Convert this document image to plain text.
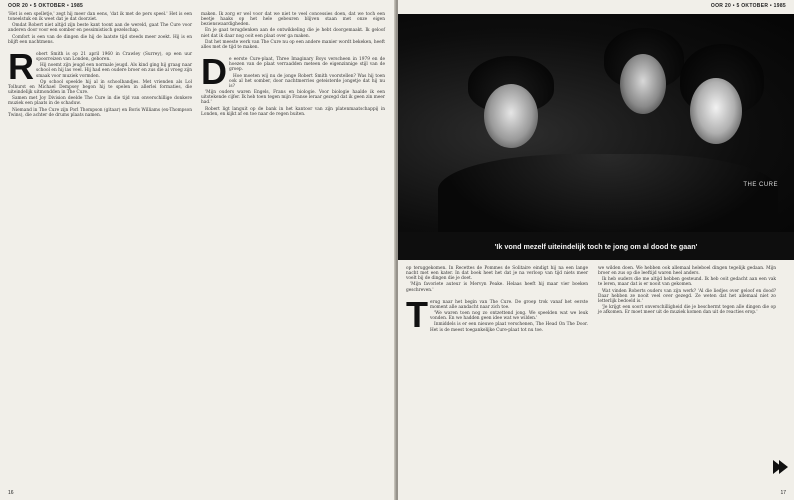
OOR 20 • 5 OKTOBER • 1985

'Het is een spelletje,' zegt hij meer dan eens, 'dat ik met de pers speel.' Het is een toneelstuk en ik weet dat je dat doorziet.

Omdat Robert niet altijd zijn beste kant toont aan de wereld, gaat The Cure voor anderen door voor een somber en pessimistisch gezelschap.

Comfort is een van de dingen die hij de laatste tijd steeds meer zoekt. Hij is en blijft een nachtmens.

Robert Smith is op 21 april 1960 in Crawley (Surrey), op een uur spoorreizen van Londen, geboren.

Hij noemt zijn jeugd een normale jeugd. Als kind ging hij graag naar school en hij las veel. Hij had een oudere broer en zus die al vroeg zijn smaak voor muziek vormden.

Op school speelde hij al in schoolbandjes. Met vrienden als Lol Tolhurst en Michael Dempsey begon hij te spelen in allerlei formaties, die uiteindelijk uitmondden in The Cure.

Samen met Joy Division deelde The Cure in die tijd van onverschillige donkere muziek een plaats in de schaduw.

Niemand in The Cure zijn Porl Thompson (gitaar) en Boris Williams (ex-Thompson Twins), die achter de drums plaats namen.

maken. Ik zorg er wel voor dat we niet te veel concessies doen, dat we toch een beetje haaks op het hele gebeuren blijven staan met onze eigen bezienswaardigheden.

En je gaat terugdenken aan de ontwikkeling die je hebt doorgemaakt. Ik geloof niet dat ik daar nog ooit een plaat over ga maken.

Dat het meeste werk van The Cure nu op een andere manier wordt bekeken, heeft alles met de tijd te maken.

De eerste Cure-plaat, Three Imaginary Boys verscheen in 1979 en de hoezen van de plaat verraadden meteen de eigenzinnige stijl van de groep.

Hoe moeten wij nu de jonge Robert Smith voorstellen? Was hij toen ook al het somber, door nachtmerries geteisterde jongetje dat hij nu is?

'Mijn ouders waren Engels, Frans en biologie. Voor biologie haalde ik een uitstekende cijfer. Ik heb toen tegen mijn Franse leraar gezegd dat ik geen zin meer had.'

Robert ligt languit op de bank in het kantoor van zijn platenmaatschappij in Londen, en kijkt af en toe naar de regen buiten.

16
OOR 20 • 5 OKTOBER • 1985
THE CURE
'Ik vond mezelf uiteindelijk toch te jong om al dood te gaan'

op teruggekomen. In Recettes de Pommes de Solitaire eindigt hij na een lange nacht met een kater. In dat boek heet het dat je na verloop van tijd niets meer voelt bij de dingen die je doet.

'Mijn favoriete auteur is Mervyn Peake. Helaas heeft hij maar vier boeken geschreven.'

Terug naar het begin van The Cure. De groep trok vanaf het eerste moment alle aandacht naar zich toe.

'We waren toen nog zo ontzettend jong. We speelden wat we leuk vonden. En we hadden geen idee wat we wilden.'

Inmiddels is er een nieuwe plaat verschenen, The Head On The Door. Het is de meest toegankelijke Cure-plaat tot nu toe.

we wilden doen. We hebben ook allemaal heleboel dingen tegelijk gedaan. Mijn broer en zus op die leeftijd waren heel anders.

Ik heb ouders die me altijd hebben gesteund. Ik heb ooit gedacht aan een vak te leren, maar dat is er nooit van gekomen.

Wat vinden Roberts ouders van zijn werk? 'Al die liedjes over geloof en dood? Daar hebben ze nooit veel over gezegd. Ze weten dat het allemaal niet zo letterlijk bedoeld is.'

'Je krijgt een soort onverschilligheid die je beschermt tegen alle dingen die op je afkomen. Er moet meer uit de muziek komen dan uit de reacties erop.'

17
